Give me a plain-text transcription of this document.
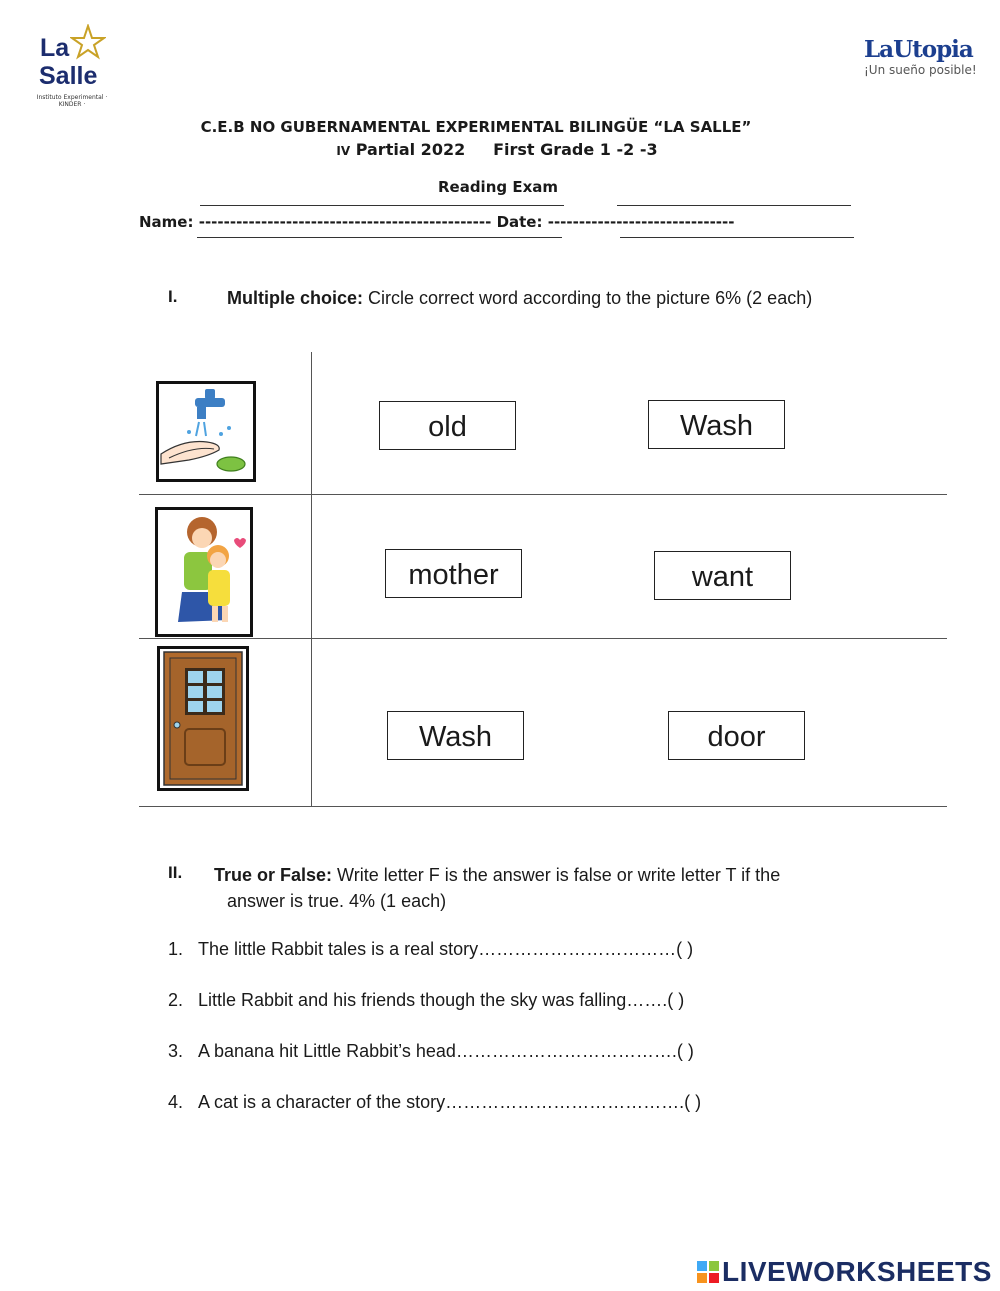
La
Salle
Instituto Experimental · KINDER ·
LaUtopia
¡Un sueño posible!
C.E.B NO GUBERNAMENTAL EXPERIMENTAL BILINGÜE “LA SALLE”
IV Partial 2022     First Grade 1 -2 -3
Reading Exam
Name: ----------------------------------------------- Date: ------------------------------
I.	Multiple choice: Circle correct word according to the picture 6% (2 each)
old	Wash
mother	want
Wash	door
II. True or False: Write letter F is the answer is false or write letter T if the
answer is true. 4% (1 each)
1. The little Rabbit tales is a real story……………………………( )
2. Little Rabbit and his friends though the sky was falling…….( )
3. A banana hit Little Rabbit’s head……………………………….( )
4. A cat is a character of the story………………………………….( )
LIVEWORKSHEETS
